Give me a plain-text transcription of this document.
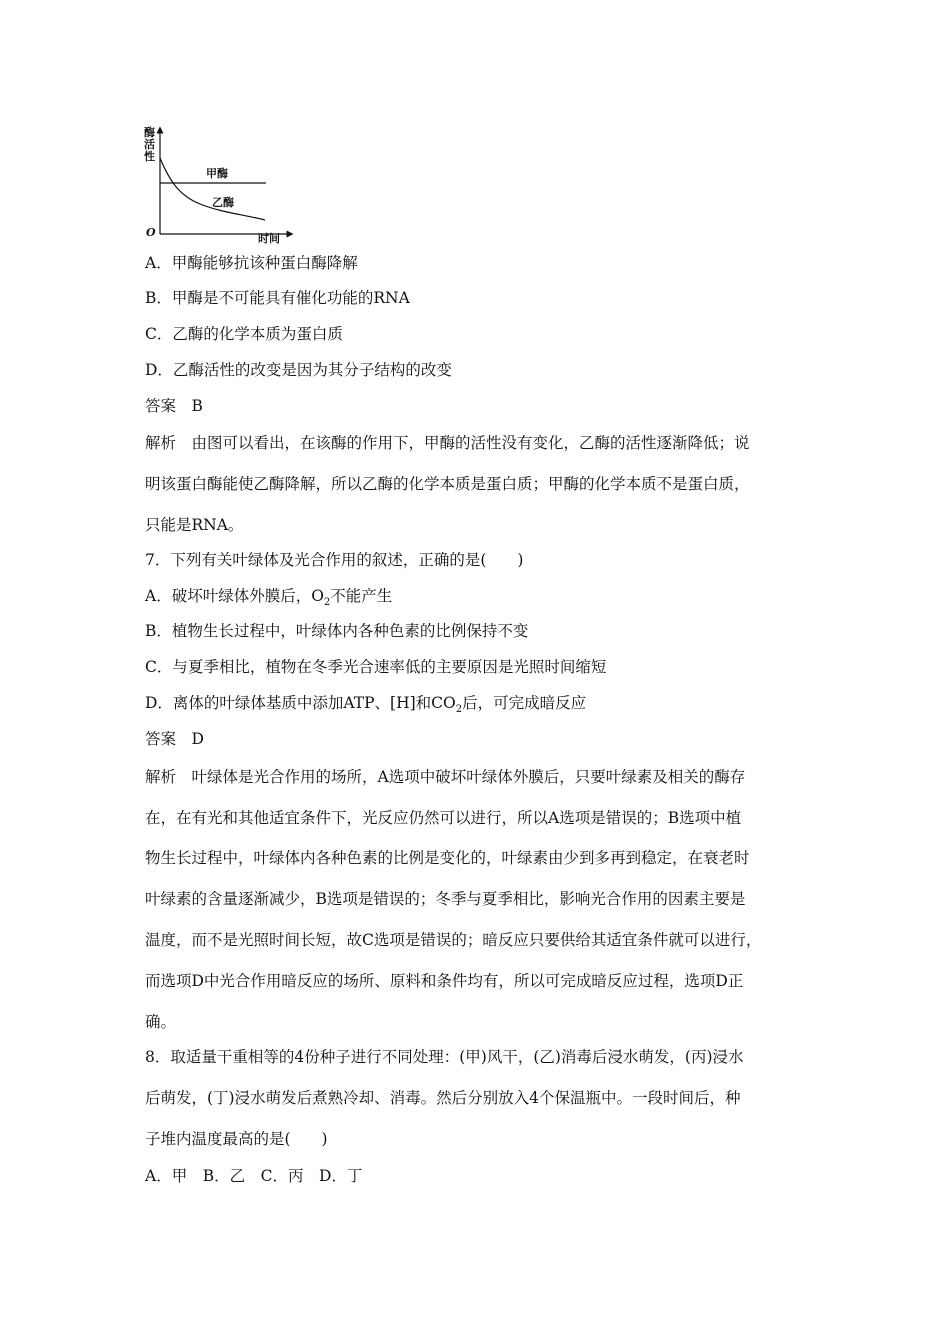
酶
活
性
甲酶
乙酶
O	时间
A．甲酶能够抗该种蛋白酶降解
B．甲酶是不可能具有催化功能的RNA
C．乙酶的化学本质为蛋白质
D．乙酶活性的改变是因为其分子结构的改变
答案　B
解析　由图可以看出，在该酶的作用下，甲酶的活性没有变化，乙酶的活性逐渐降低；说
明该蛋白酶能使乙酶降解，所以乙酶的化学本质是蛋白质；甲酶的化学本质不是蛋白质，
只能是RNA。
7．下列有关叶绿体及光合作用的叙述，正确的是(　　)
A．破坏叶绿体外膜后，$O_2$不能产生
B．植物生长过程中，叶绿体内各种色素的比例保持不变
C．与夏季相比，植物在冬季光合速率低的主要原因是光照时间缩短
D．离体的叶绿体基质中添加ATP、[H]和$CO_2$后，可完成暗反应
答案　D
解析　叶绿体是光合作用的场所，A选项中破坏叶绿体外膜后，只要叶绿素及相关的酶存
在，在有光和其他适宜条件下，光反应仍然可以进行，所以A选项是错误的；B选项中植
物生长过程中，叶绿体内各种色素的比例是变化的，叶绿素由少到多再到稳定，在衰老时
叶绿素的含量逐渐减少，B选项是错误的；冬季与夏季相比，影响光合作用的因素主要是
温度，而不是光照时间长短，故C选项是错误的；暗反应只要供给其适宜条件就可以进行，
而选项D中光合作用暗反应的场所、原料和条件均有，所以可完成暗反应过程，选项D正
确。
8．取适量干重相等的4份种子进行不同处理：(甲)风干，(乙)消毒后浸水萌发，(丙)浸水
后萌发，(丁)浸水萌发后煮熟冷却、消毒。然后分别放入4个保温瓶中。一段时间后，种
子堆内温度最高的是(　　)
A．甲　B．乙　C．丙　D．丁
